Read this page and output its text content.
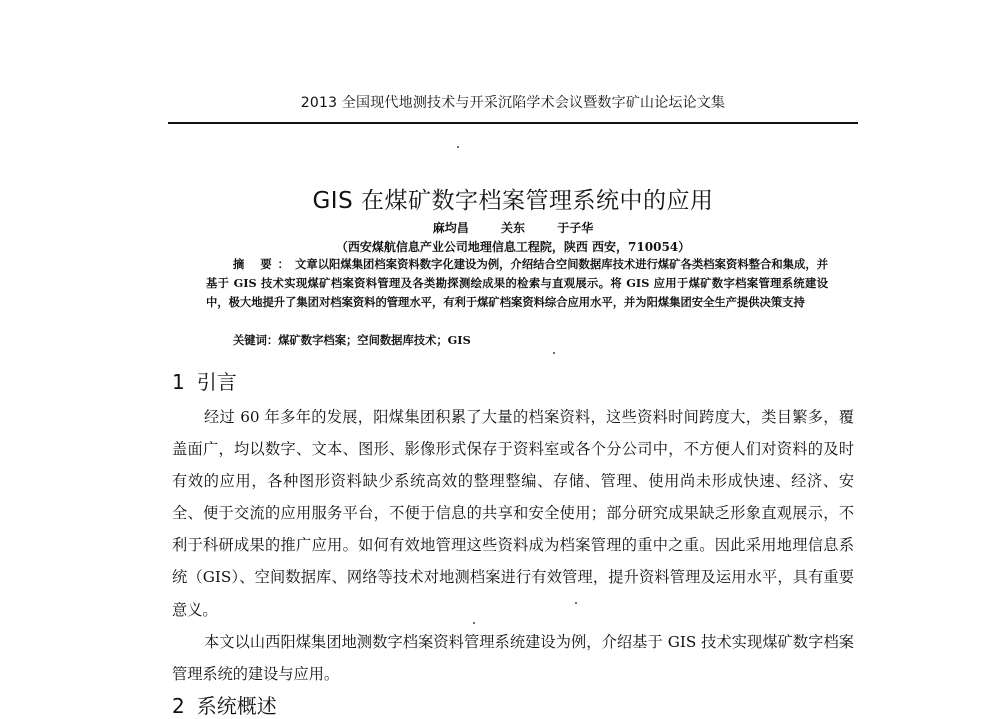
2013 全国现代地测技术与开采沉陷学术会议暨数字矿山论坛论文集
GIS 在煤矿数字档案管理系统中的应用
麻均昌	关东	于子华
（西安煤航信息产业公司地理信息工程院，陕西 西安，710054）
摘 要：文章以阳煤集团档案资料数字化建设为例，介绍结合空间数据库技术进行煤矿各类档案资料整合和集成，并基于 GIS 技术实现煤矿档案资料管理及各类勘探测绘成果的检索与直观展示。将 GIS 应用于煤矿数字档案管理系统建设中，极大地提升了集团对档案资料的管理水平，有利于煤矿档案资料综合应用水平，并为阳煤集团安全生产提供决策支持
关键词：煤矿数字档案；空间数据库技术；GIS
1 引言

经过 60 年多年的发展，阳煤集团积累了大量的档案资料，这些资料时间跨度大，类目繁多，覆盖面广，均以数字、文本、图形、影像形式保存于资料室或各个分公司中，不方便人们对资料的及时有效的应用，各种图形资料缺少系统高效的整理整编、存储、管理、使用尚未形成快速、经济、安全、便于交流的应用服务平台，不便于信息的共享和安全使用；部分研究成果缺乏形象直观展示，不利于科研成果的推广应用。如何有效地管理这些资料成为档案管理的重中之重。因此采用地理信息系统（GIS）、空间数据库、网络等技术对地测档案进行有效管理，提升资料管理及运用水平，具有重要意义。

本文以山西阳煤集团地测数字档案资料管理系统建设为例，介绍基于 GIS 技术实现煤矿数字档案管理系统的建设与应用。

2 系统概述
